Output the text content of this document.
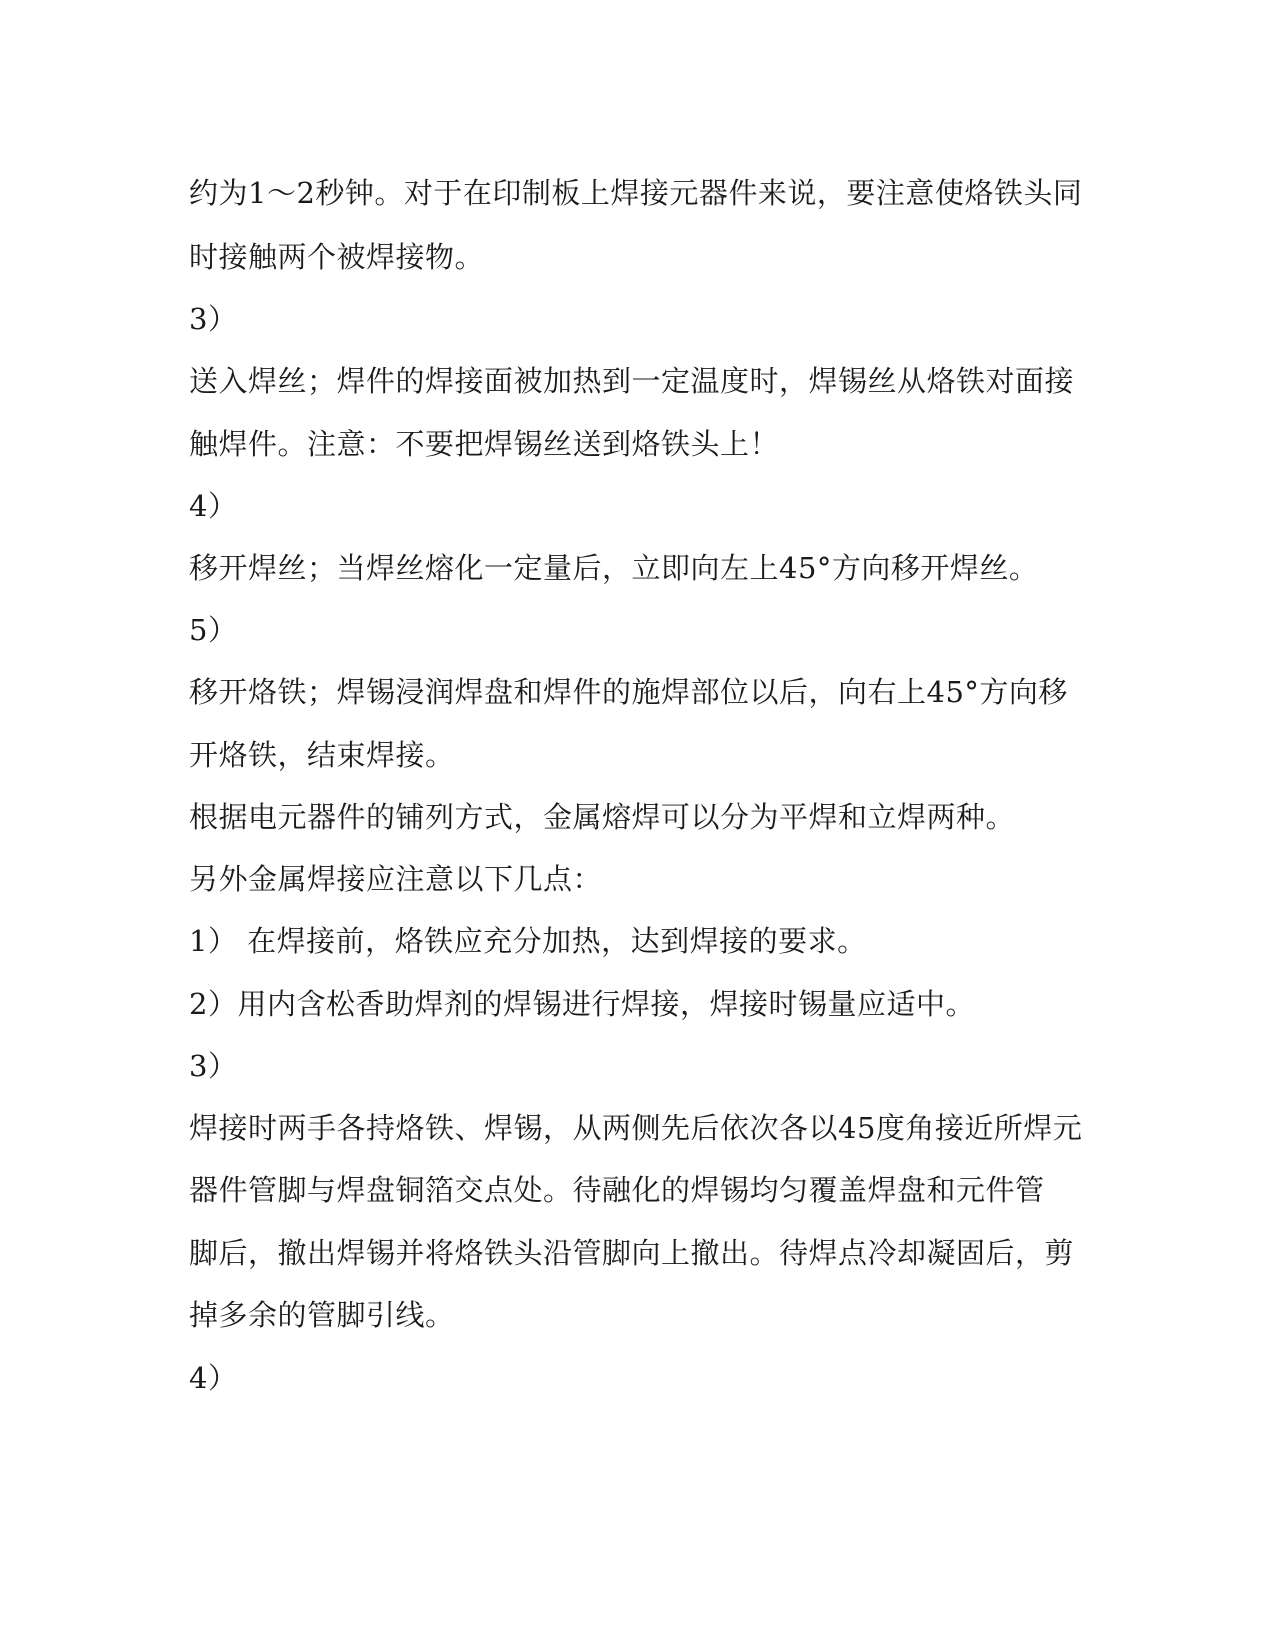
约为1～2秒钟。对于在印制板上焊接元器件来说，要注意使烙铁头同
时接触两个被焊接物。
3）
送入焊丝；焊件的焊接面被加热到一定温度时，焊锡丝从烙铁对面接
触焊件。注意：不要把焊锡丝送到烙铁头上！
4）
移开焊丝；当焊丝熔化一定量后，立即向左上45°方向移开焊丝。
5）
移开烙铁；焊锡浸润焊盘和焊件的施焊部位以后，向右上45°方向移
开烙铁，结束焊接。
根据电元器件的铺列方式，金属熔焊可以分为平焊和立焊两种。
另外金属焊接应注意以下几点：
1） 在焊接前，烙铁应充分加热，达到焊接的要求。
2）用内含松香助焊剂的焊锡进行焊接，焊接时锡量应适中。
3）
焊接时两手各持烙铁、焊锡，从两侧先后依次各以45度角接近所焊元
器件管脚与焊盘铜箔交点处。待融化的焊锡均匀覆盖焊盘和元件管
脚后，撤出焊锡并将烙铁头沿管脚向上撤出。待焊点冷却凝固后，剪
掉多余的管脚引线。
4）
